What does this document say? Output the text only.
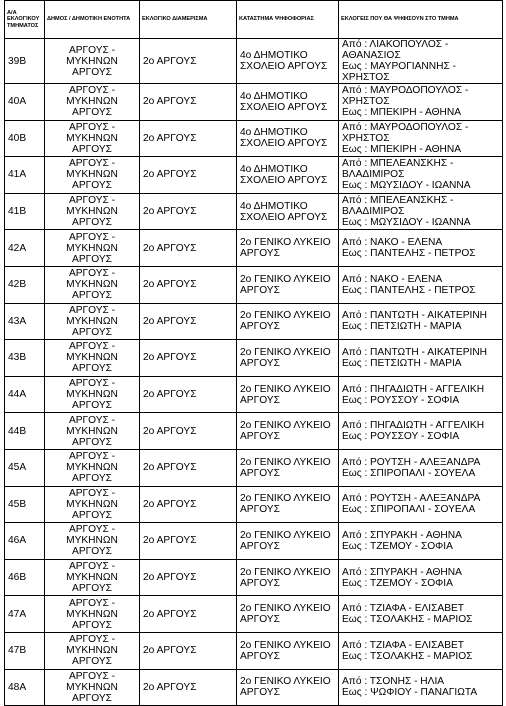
Α/Α ΕΚΛΟΓΙΚΟΥ ΤΜΗΜΑΤΟΣ	ΔΗΜΟΣ / ΔΗΜΟΤΙΚΗ ΕΝΟΤΗΤΑ	ΕΚΛΟΓΙΚΟ ΔΙΑΜΕΡΙΣΜΑ	ΚΑΤΑΣΤΗΜΑ ΨΗΦΟΦΟΡΙΑΣ	ΕΚΛΟΓΕΙΣ ΠΟΥ ΘΑ ΨΗΦΙΣΟΥΝ ΣΤΟ ΤΜΗΜΑ
39Β	ΑΡΓΟΥΣ -
ΜΥΚΗΝΩΝ
ΑΡΓΟΥΣ	2ο ΑΡΓΟΥΣ	4ο ΔΗΜΟΤΙΚΟ
ΣΧΟΛΕΙΟ ΑΡΓΟΥΣ	Από : ΛΙΑΚΟΠΟΥΛΟΣ -
ΑΘΑΝΑΣΙΟΣ
Εως : ΜΑΥΡΟΓΙΑΝΝΗΣ -
ΧΡΗΣΤΟΣ

40Α	ΑΡΓΟΥΣ -
ΜΥΚΗΝΩΝ
ΑΡΓΟΥΣ	2ο ΑΡΓΟΥΣ	4ο ΔΗΜΟΤΙΚΟ
ΣΧΟΛΕΙΟ ΑΡΓΟΥΣ	Από : ΜΑΥΡΟΔΟΠΟΥΛΟΣ -
ΧΡΗΣΤΟΣ
Εως : ΜΠΕΚΙΡΗ - ΑΘΗΝΑ

40Β	ΑΡΓΟΥΣ -
ΜΥΚΗΝΩΝ
ΑΡΓΟΥΣ	2ο ΑΡΓΟΥΣ	4ο ΔΗΜΟΤΙΚΟ
ΣΧΟΛΕΙΟ ΑΡΓΟΥΣ	Από : ΜΑΥΡΟΔΟΠΟΥΛΟΣ -
ΧΡΗΣΤΟΣ
Εως : ΜΠΕΚΙΡΗ - ΑΘΗΝΑ

41Α	ΑΡΓΟΥΣ -
ΜΥΚΗΝΩΝ
ΑΡΓΟΥΣ	2ο ΑΡΓΟΥΣ	4ο ΔΗΜΟΤΙΚΟ
ΣΧΟΛΕΙΟ ΑΡΓΟΥΣ	Από : ΜΠΕΛΕΑΝΣΚΗΣ -
ΒΛΑΔΙΜΙΡΟΣ
Εως : ΜΩΥΣΙΔΟΥ - ΙΩΑΝΝΑ

41Β	ΑΡΓΟΥΣ -
ΜΥΚΗΝΩΝ
ΑΡΓΟΥΣ	2ο ΑΡΓΟΥΣ	4ο ΔΗΜΟΤΙΚΟ
ΣΧΟΛΕΙΟ ΑΡΓΟΥΣ	Από : ΜΠΕΛΕΑΝΣΚΗΣ -
ΒΛΑΔΙΜΙΡΟΣ
Εως : ΜΩΥΣΙΔΟΥ - ΙΩΑΝΝΑ

42Α	ΑΡΓΟΥΣ -
ΜΥΚΗΝΩΝ
ΑΡΓΟΥΣ	2ο ΑΡΓΟΥΣ	2ο ΓΕΝΙΚΟ ΛΥΚΕΙΟ
ΑΡΓΟΥΣ	Από : ΝΑΚΟ - ΕΛΕΝΑ
Εως : ΠΑΝΤΕΛΗΣ - ΠΕΤΡΟΣ

42Β	ΑΡΓΟΥΣ -
ΜΥΚΗΝΩΝ
ΑΡΓΟΥΣ	2ο ΑΡΓΟΥΣ	2ο ΓΕΝΙΚΟ ΛΥΚΕΙΟ
ΑΡΓΟΥΣ	Από : ΝΑΚΟ - ΕΛΕΝΑ
Εως : ΠΑΝΤΕΛΗΣ - ΠΕΤΡΟΣ

43Α	ΑΡΓΟΥΣ -
ΜΥΚΗΝΩΝ
ΑΡΓΟΥΣ	2ο ΑΡΓΟΥΣ	2ο ΓΕΝΙΚΟ ΛΥΚΕΙΟ
ΑΡΓΟΥΣ	Από : ΠΑΝΤΩΤΗ - ΑΙΚΑΤΕΡΙΝΗ
Εως : ΠΕΤΣΙΩΤΗ - ΜΑΡΙΑ

43Β	ΑΡΓΟΥΣ -
ΜΥΚΗΝΩΝ
ΑΡΓΟΥΣ	2ο ΑΡΓΟΥΣ	2ο ΓΕΝΙΚΟ ΛΥΚΕΙΟ
ΑΡΓΟΥΣ	Από : ΠΑΝΤΩΤΗ - ΑΙΚΑΤΕΡΙΝΗ
Εως : ΠΕΤΣΙΩΤΗ - ΜΑΡΙΑ

44Α	ΑΡΓΟΥΣ -
ΜΥΚΗΝΩΝ
ΑΡΓΟΥΣ	2ο ΑΡΓΟΥΣ	2ο ΓΕΝΙΚΟ ΛΥΚΕΙΟ
ΑΡΓΟΥΣ	Από : ΠΗΓΑΔΙΩΤΗ - ΑΓΓΕΛΙΚΗ
Εως : ΡΟΥΣΣΟΥ - ΣΟΦΙΑ

44Β	ΑΡΓΟΥΣ -
ΜΥΚΗΝΩΝ
ΑΡΓΟΥΣ	2ο ΑΡΓΟΥΣ	2ο ΓΕΝΙΚΟ ΛΥΚΕΙΟ
ΑΡΓΟΥΣ	Από : ΠΗΓΑΔΙΩΤΗ - ΑΓΓΕΛΙΚΗ
Εως : ΡΟΥΣΣΟΥ - ΣΟΦΙΑ

45Α	ΑΡΓΟΥΣ -
ΜΥΚΗΝΩΝ
ΑΡΓΟΥΣ	2ο ΑΡΓΟΥΣ	2ο ΓΕΝΙΚΟ ΛΥΚΕΙΟ
ΑΡΓΟΥΣ	Από : ΡΟΥΤΣΗ - ΑΛΕΞΑΝΔΡΑ
Εως : ΣΠΙΡΟΠΑΛΙ - ΣΟΥΕΛΑ

45Β	ΑΡΓΟΥΣ -
ΜΥΚΗΝΩΝ
ΑΡΓΟΥΣ	2ο ΑΡΓΟΥΣ	2ο ΓΕΝΙΚΟ ΛΥΚΕΙΟ
ΑΡΓΟΥΣ	Από : ΡΟΥΤΣΗ - ΑΛΕΞΑΝΔΡΑ
Εως : ΣΠΙΡΟΠΑΛΙ - ΣΟΥΕΛΑ

46Α	ΑΡΓΟΥΣ -
ΜΥΚΗΝΩΝ
ΑΡΓΟΥΣ	2ο ΑΡΓΟΥΣ	2ο ΓΕΝΙΚΟ ΛΥΚΕΙΟ
ΑΡΓΟΥΣ	Από : ΣΠΥΡΑΚΗ - ΑΘΗΝΑ
Εως : ΤΖΕΜΟΥ - ΣΟΦΙΑ

46Β	ΑΡΓΟΥΣ -
ΜΥΚΗΝΩΝ
ΑΡΓΟΥΣ	2ο ΑΡΓΟΥΣ	2ο ΓΕΝΙΚΟ ΛΥΚΕΙΟ
ΑΡΓΟΥΣ	Από : ΣΠΥΡΑΚΗ - ΑΘΗΝΑ
Εως : ΤΖΕΜΟΥ - ΣΟΦΙΑ

47Α	ΑΡΓΟΥΣ -
ΜΥΚΗΝΩΝ
ΑΡΓΟΥΣ	2ο ΑΡΓΟΥΣ	2ο ΓΕΝΙΚΟ ΛΥΚΕΙΟ
ΑΡΓΟΥΣ	Από : ΤΖΙΑΦΑ - ΕΛΙΣΑΒΕΤ
Εως : ΤΣΟΛΑΚΗΣ - ΜΑΡΙΟΣ

47Β	ΑΡΓΟΥΣ -
ΜΥΚΗΝΩΝ
ΑΡΓΟΥΣ	2ο ΑΡΓΟΥΣ	2ο ΓΕΝΙΚΟ ΛΥΚΕΙΟ
ΑΡΓΟΥΣ	Από : ΤΖΙΑΦΑ - ΕΛΙΣΑΒΕΤ
Εως : ΤΣΟΛΑΚΗΣ - ΜΑΡΙΟΣ

48Α	ΑΡΓΟΥΣ -
ΜΥΚΗΝΩΝ
ΑΡΓΟΥΣ	2ο ΑΡΓΟΥΣ	2ο ΓΕΝΙΚΟ ΛΥΚΕΙΟ
ΑΡΓΟΥΣ	Από : ΤΣΟΝΗΣ - ΗΛΙΑ
Εως : ΨΩΦΙΟΥ - ΠΑΝΑΓΙΩΤΑ
